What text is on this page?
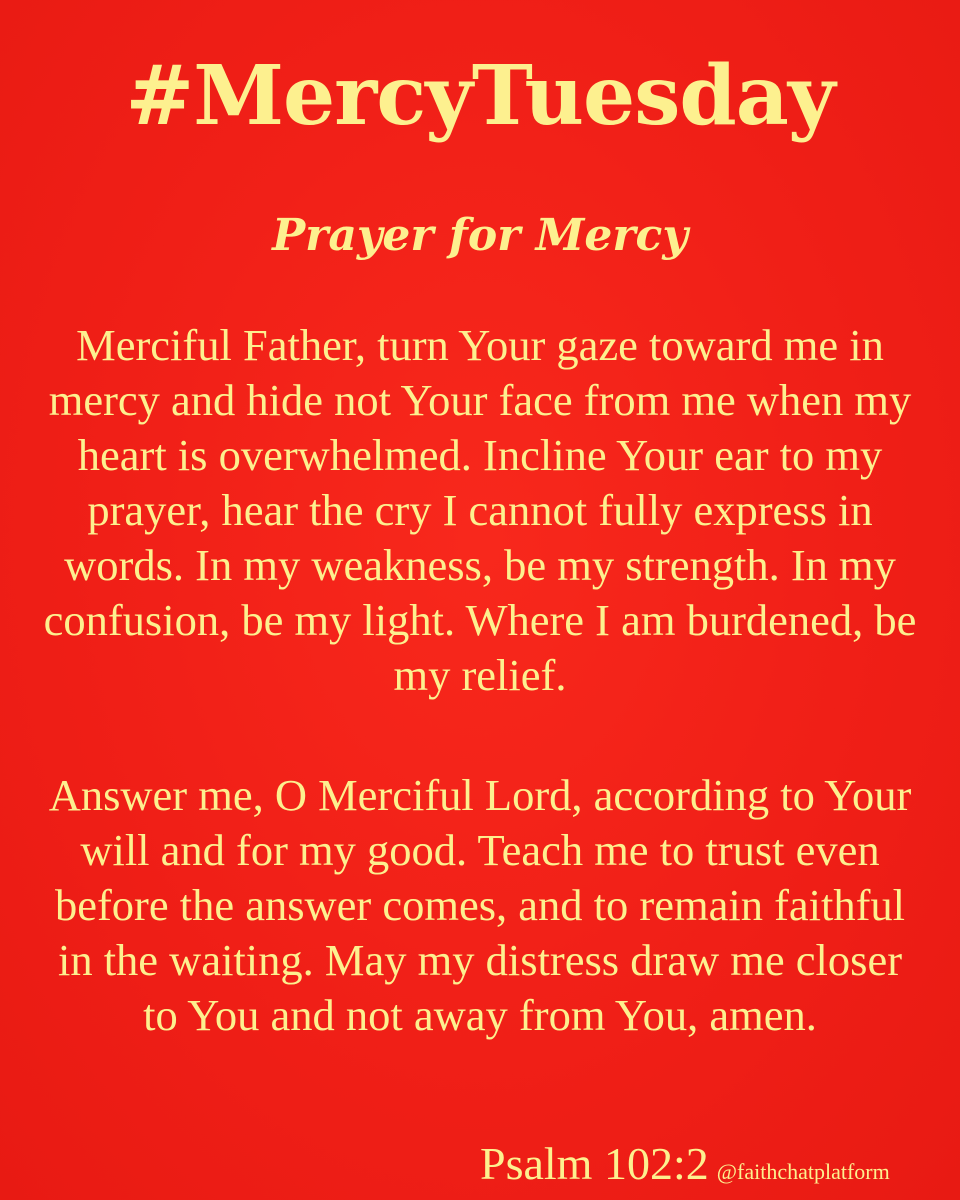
#MercyTuesday
Prayer for Mercy

Merciful Father, turn Your gaze toward me in mercy and hide not Your face from me when my heart is overwhelmed. Incline Your ear to my prayer, hear the cry I cannot fully express in words. In my weakness, be my strength. In my confusion, be my light. Where I am burdened, be my relief.

Answer me, O Merciful Lord, according to Your will and for my good. Teach me to trust even before the answer comes, and to remain faithful in the waiting. May my distress draw me closer to You and not away from You, amen.

Psalm 102:2 @faithchatplatform
